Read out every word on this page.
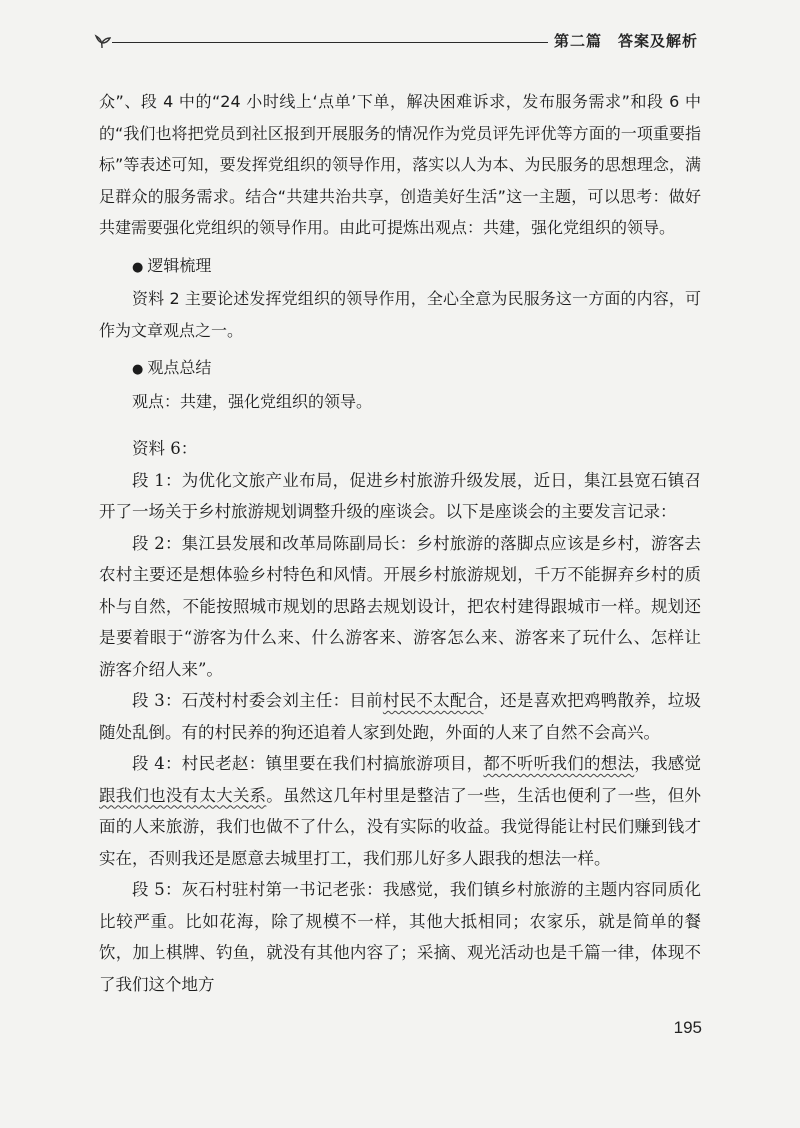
第二篇　答案及解析

众”、段 4 中的“24 小时线上‘点单’下单，解决困难诉求，发布服务需求”和段 6 中的“我们也将把党员到社区报到开展服务的情况作为党员评先评优等方面的一项重要指标”等表述可知，要发挥党组织的领导作用，落实以人为本、为民服务的思想理念，满足群众的服务需求。结合“共建共治共享，创造美好生活”这一主题，可以思考：做好共建需要强化党组织的领导作用。由此可提炼出观点：共建，强化党组织的领导。

● 逻辑梳理

资料 2 主要论述发挥党组织的领导作用，全心全意为民服务这一方面的内容，可作为文章观点之一。

● 观点总结

观点：共建，强化党组织的领导。

资料 6：

段 1：为优化文旅产业布局，促进乡村旅游升级发展，近日，集江县宽石镇召开了一场关于乡村旅游规划调整升级的座谈会。以下是座谈会的主要发言记录：

段 2：集江县发展和改革局陈副局长：乡村旅游的落脚点应该是乡村，游客去农村主要还是想体验乡村特色和风情。开展乡村旅游规划，千万不能摒弃乡村的质朴与自然，不能按照城市规划的思路去规划设计，把农村建得跟城市一样。规划还是要着眼于“游客为什么来、什么游客来、游客怎么来、游客来了玩什么、怎样让游客介绍人来”。

段 3：石茂村村委会刘主任：目前村民不太配合，还是喜欢把鸡鸭散养，垃圾随处乱倒。有的村民养的狗还追着人家到处跑，外面的人来了自然不会高兴。

段 4：村民老赵：镇里要在我们村搞旅游项目，都不听听我们的想法，我感觉跟我们也没有太大关系。虽然这几年村里是整洁了一些，生活也便利了一些，但外面的人来旅游，我们也做不了什么，没有实际的收益。我觉得能让村民们赚到钱才实在，否则我还是愿意去城里打工，我们那儿好多人跟我的想法一样。

段 5：灰石村驻村第一书记老张：我感觉，我们镇乡村旅游的主题内容同质化比较严重。比如花海，除了规模不一样，其他大抵相同；农家乐，就是简单的餐饮，加上棋牌、钓鱼，就没有其他内容了；采摘、观光活动也是千篇一律，体现不了我们这个地方

195
